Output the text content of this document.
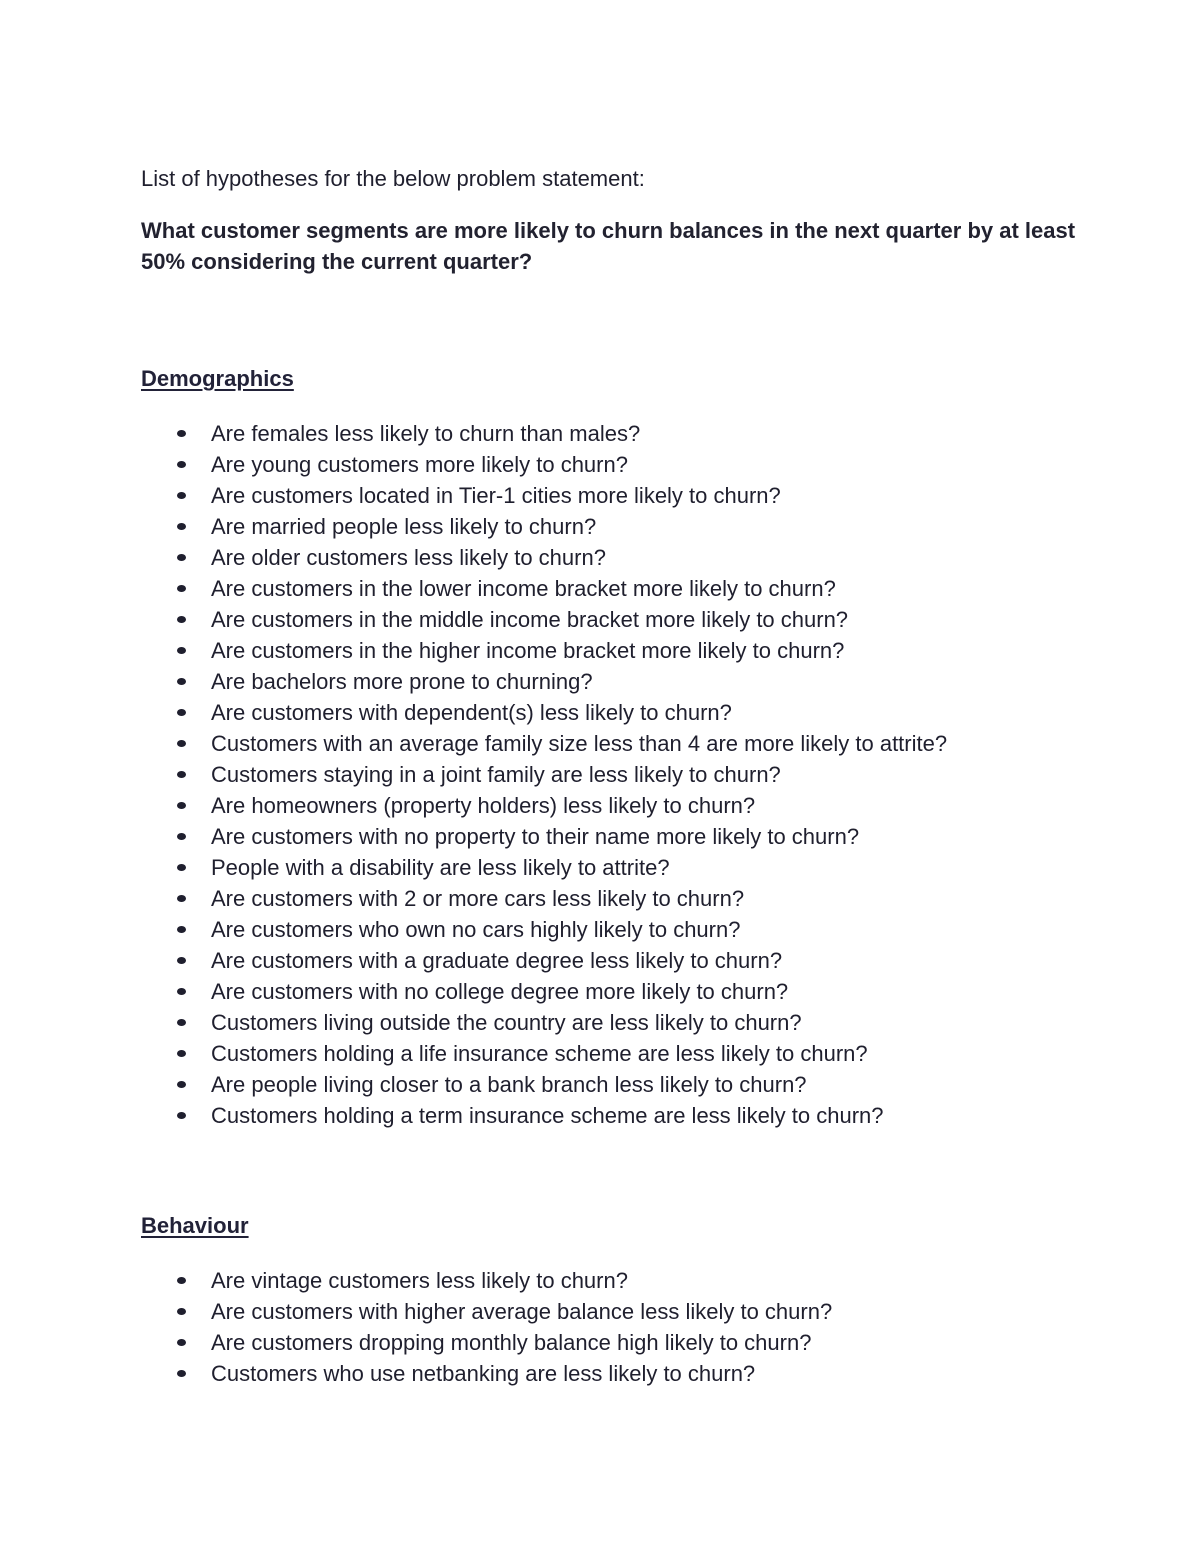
List of hypotheses for the below problem statement:

What customer segments are more likely to churn balances in the next quarter by at least 50% considering the current quarter?

Demographics
Are females less likely to churn than males?
Are young customers more likely to churn?
Are customers located in Tier-1 cities more likely to churn?
Are married people less likely to churn?
Are older customers less likely to churn?
Are customers in the lower income bracket more likely to churn?
Are customers in the middle income bracket more likely to churn?
Are customers in the higher income bracket more likely to churn?
Are bachelors more prone to churning?
Are customers with dependent(s) less likely to churn?
Customers with an average family size less than 4 are more likely to attrite?
Customers staying in a joint family are less likely to churn?
Are homeowners (property holders) less likely to churn?
Are customers with no property to their name more likely to churn?
People with a disability are less likely to attrite?
Are customers with 2 or more cars less likely to churn?
Are customers who own no cars highly likely to churn?
Are customers with a graduate degree less likely to churn?
Are customers with no college degree more likely to churn?
Customers living outside the country are less likely to churn?
Customers holding a life insurance scheme are less likely to churn?
Are people living closer to a bank branch less likely to churn?
Customers holding a term insurance scheme are less likely to churn?
Behaviour
Are vintage customers less likely to churn?
Are customers with higher average balance less likely to churn?
Are customers dropping monthly balance high likely to churn?
Customers who use netbanking are less likely to churn?
